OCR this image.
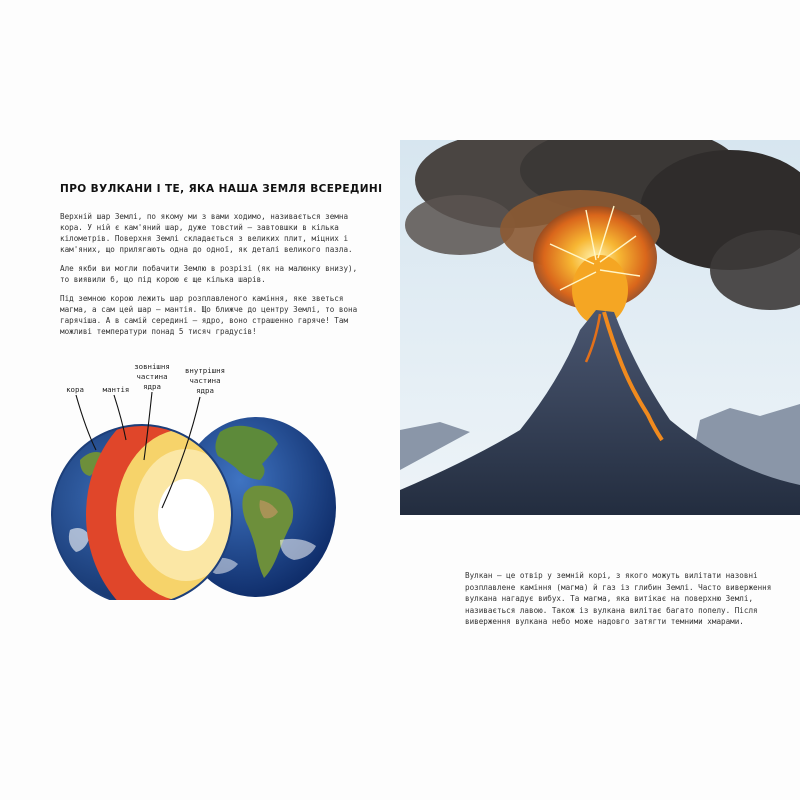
ПРО ВУЛКАНИ І ТЕ, ЯКА НАША ЗЕМЛЯ ВСЕРЕДИНІ

Верхній шар Землі, по якому ми з вами ходимо, називається земна кора. У ній є кам'яний шар, дуже товстий — завтовшки в кілька кілометрів. Поверхня Землі складається з великих плит, міцних і кам'яних, що прилягають одна до одної, як деталі великого пазла.

Але якби ви могли побачити Землю в розрізі (як на малюнку внизу), то виявили б, що під корою є ще кілька шарів.

Під земною корою лежить шар розплавленого каміння, яке зветься магма, а сам цей шар — мантія. Що ближче до центру Землі, то вона гарячіша. А в самій середині — ядро, воно страшенно гаряче! Там можливі температури понад 5 тисяч градусів!

кора	мантія
зовнішня
частина
ядра
внутрішня
частина
ядра

Вулкан — це отвір у земній корі, з якого можуть вилітати назовні розплавлене каміння (магма) й газ із глибин Землі. Часто виверження вулкана нагадує вибух. Та магма, яка витікає на поверхню Землі, називається лавою. Також із вулкана вилітає багато попелу. Після виверження вулкана небо може надовго затягти темними хмарами.
